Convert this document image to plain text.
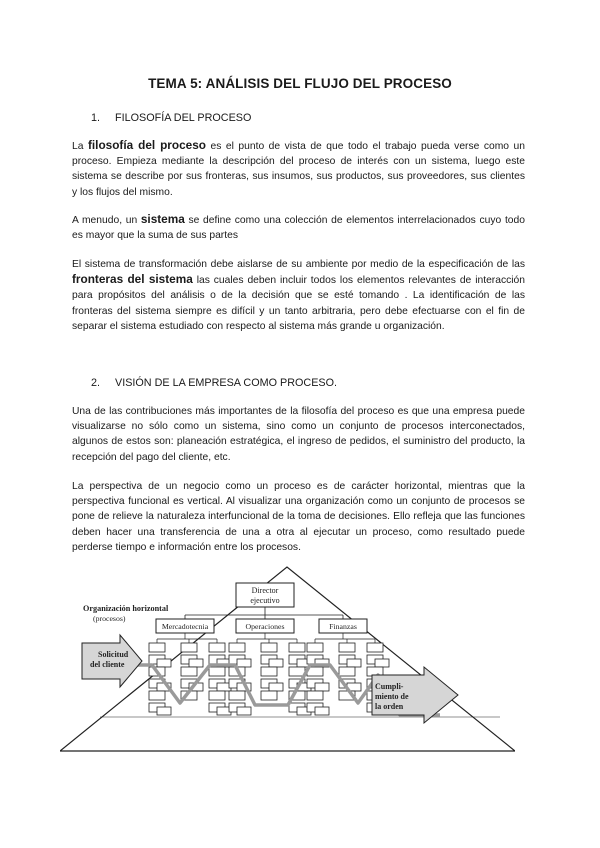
TEMA 5: ANÁLISIS DEL FLUJO DEL PROCESO
1. FILOSOFÍA DEL PROCESO
La filosofía del proceso es el punto de vista de que todo el trabajo pueda verse como un proceso. Empieza mediante la descripción del proceso de interés con un sistema, luego este sistema se describe por sus fronteras, sus insumos, sus productos, sus proveedores, sus clientes y los flujos del mismo.
A menudo, un sistema se define como una colección de elementos interrelacionados cuyo todo es mayor que la suma de sus partes
El sistema de transformación debe aislarse de su ambiente por medio de la especificación de las fronteras del sistema las cuales deben incluir todos los elementos relevantes de interacción para propósitos del análisis o de la decisión que se esté tomando . La identificación de las fronteras del sistema siempre es difícil y un tanto arbitraria, pero debe efectuarse con el fin de separar el sistema estudiado con respecto al sistema más grande u organización.
2. VISIÓN DE LA EMPRESA COMO PROCESO.
Una de las contribuciones más importantes de la filosofía del proceso es que una empresa puede visualizarse no sólo como un sistema, sino como un conjunto de procesos interconectados, algunos de estos son: planeación estratégica, el ingreso de pedidos, el suministro del producto, la recepción del pago del cliente, etc.
La perspectiva de un negocio como un proceso es de carácter horizontal, mientras que la perspectiva funcional es vertical. Al visualizar una organización como un conjunto de procesos se pone de relieve la naturaleza interfuncional de la toma de decisiones. Ello refleja que las funciones deben hacer una transferencia de una a otra al ejecutar un proceso, como resultado puede perderse tiempo e información entre los procesos.
Director
ejecutivo
Organización horizontal
(procesos)
Mercadotecnia	Operaciones	Finanzas
Solicitud
del cliente
Cumpli-
miento de
la orden
